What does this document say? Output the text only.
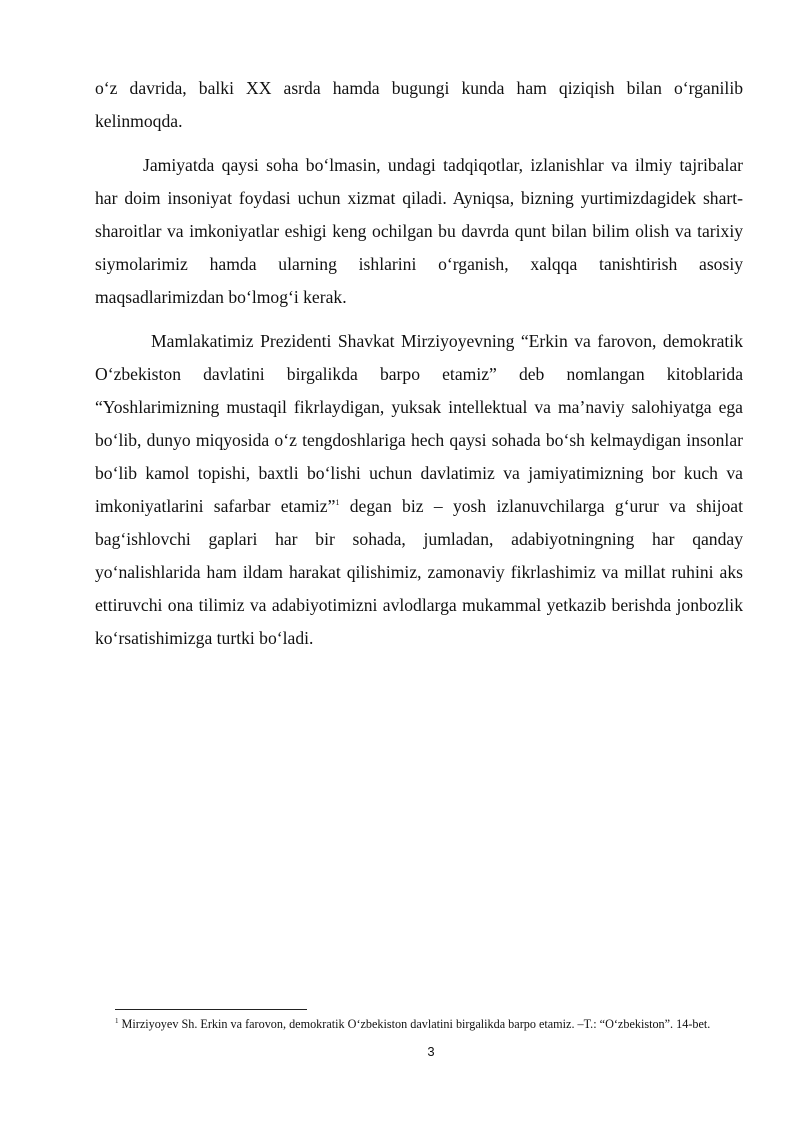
oʻz davrida, balki XX asrda hamda bugungi kunda ham qiziqish bilan oʻrganilib kelinmoqda.

Jamiyatda qaysi soha boʻlmasin, undagi tadqiqotlar, izlanishlar va ilmiy tajribalar har doim insoniyat foydasi uchun xizmat qiladi. Ayniqsa, bizning yurtimizdagidek shart-sharoitlar va imkoniyatlar eshigi keng ochilgan bu davrda qunt bilan bilim olish va tarixiy siymolarimiz hamda ularning ishlarini oʻrganish, xalqqa tanishtirish asosiy maqsadlarimizdan boʻlmogʻi kerak.

Mamlakatimiz Prezidenti Shavkat Mirziyoyevning “Erkin va farovon, demokratik Oʻzbekiston davlatini birgalikda barpo etamiz” deb nomlangan kitoblarida “Yoshlarimizning mustaqil fikrlaydigan, yuksak intellektual va maʼnaviy salohiyatga ega boʻlib, dunyo miqyosida oʻz tengdoshlariga hech qaysi sohada boʻsh kelmaydigan insonlar boʻlib kamol topishi, baxtli boʻlishi uchun davlatimiz va jamiyatimizning bor kuch va imkoniyatlarini safarbar etamiz”$^1$ degan biz – yosh izlanuvchilarga gʻurur va shijoat bagʻishlovchi gaplari har bir sohada, jumladan, adabiyotningning har qanday yoʻnalishlarida ham ildam harakat qilishimiz, zamonaviy fikrlashimiz va millat ruhini aks ettiruvchi ona tilimiz va adabiyotimizni avlodlarga mukammal yetkazib berishda jonbozlik koʻrsatishimizga turtki boʻladi.

$^1$ Mirziyoyev Sh. Erkin va farovon, demokratik Oʻzbekiston davlatini birgalikda barpo etamiz. –T.: “Oʻzbekiston”. 14-bet.

3
